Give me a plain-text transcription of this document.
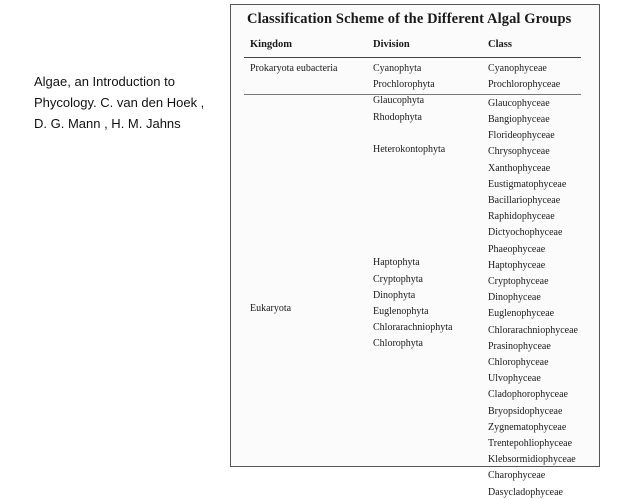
Algae, an Introduction to Phycology. C. van den Hoek , D. G. Mann , H. M. Jahns
Classification Scheme of the Different Algal Groups
Kingdom	Division	Class
Prokaryota eubacteria
Eukaryota
Cyanophyta
Prochlorophyta
Glaucophyta
Rhodophyta
Heterokontophyta
Haptophyta
Cryptophyta
Dinophyta
Euglenophyta
Chlorarachniophyta
Chlorophyta
Cyanophyceae
Prochlorophyceae
Glaucophyceae
Bangiophyceae
Florideophyceae
Chrysophyceae
Xanthophyceae
Eustigmatophyceae
Bacillariophyceae
Raphidophyceae
Dictyochophyceae
Phaeophyceae
Haptophyceae
Cryptophyceae
Dinophyceae
Euglenophyceae
Chlorarachniophyceae
Prasinophyceae
Chlorophyceae
Ulvophyceae
Cladophorophyceae
Bryopsidophyceae
Zygnematophyceae
Trentepohliophyceae
Klebsormidiophyceae
Charophyceae
Dasycladophyceae
